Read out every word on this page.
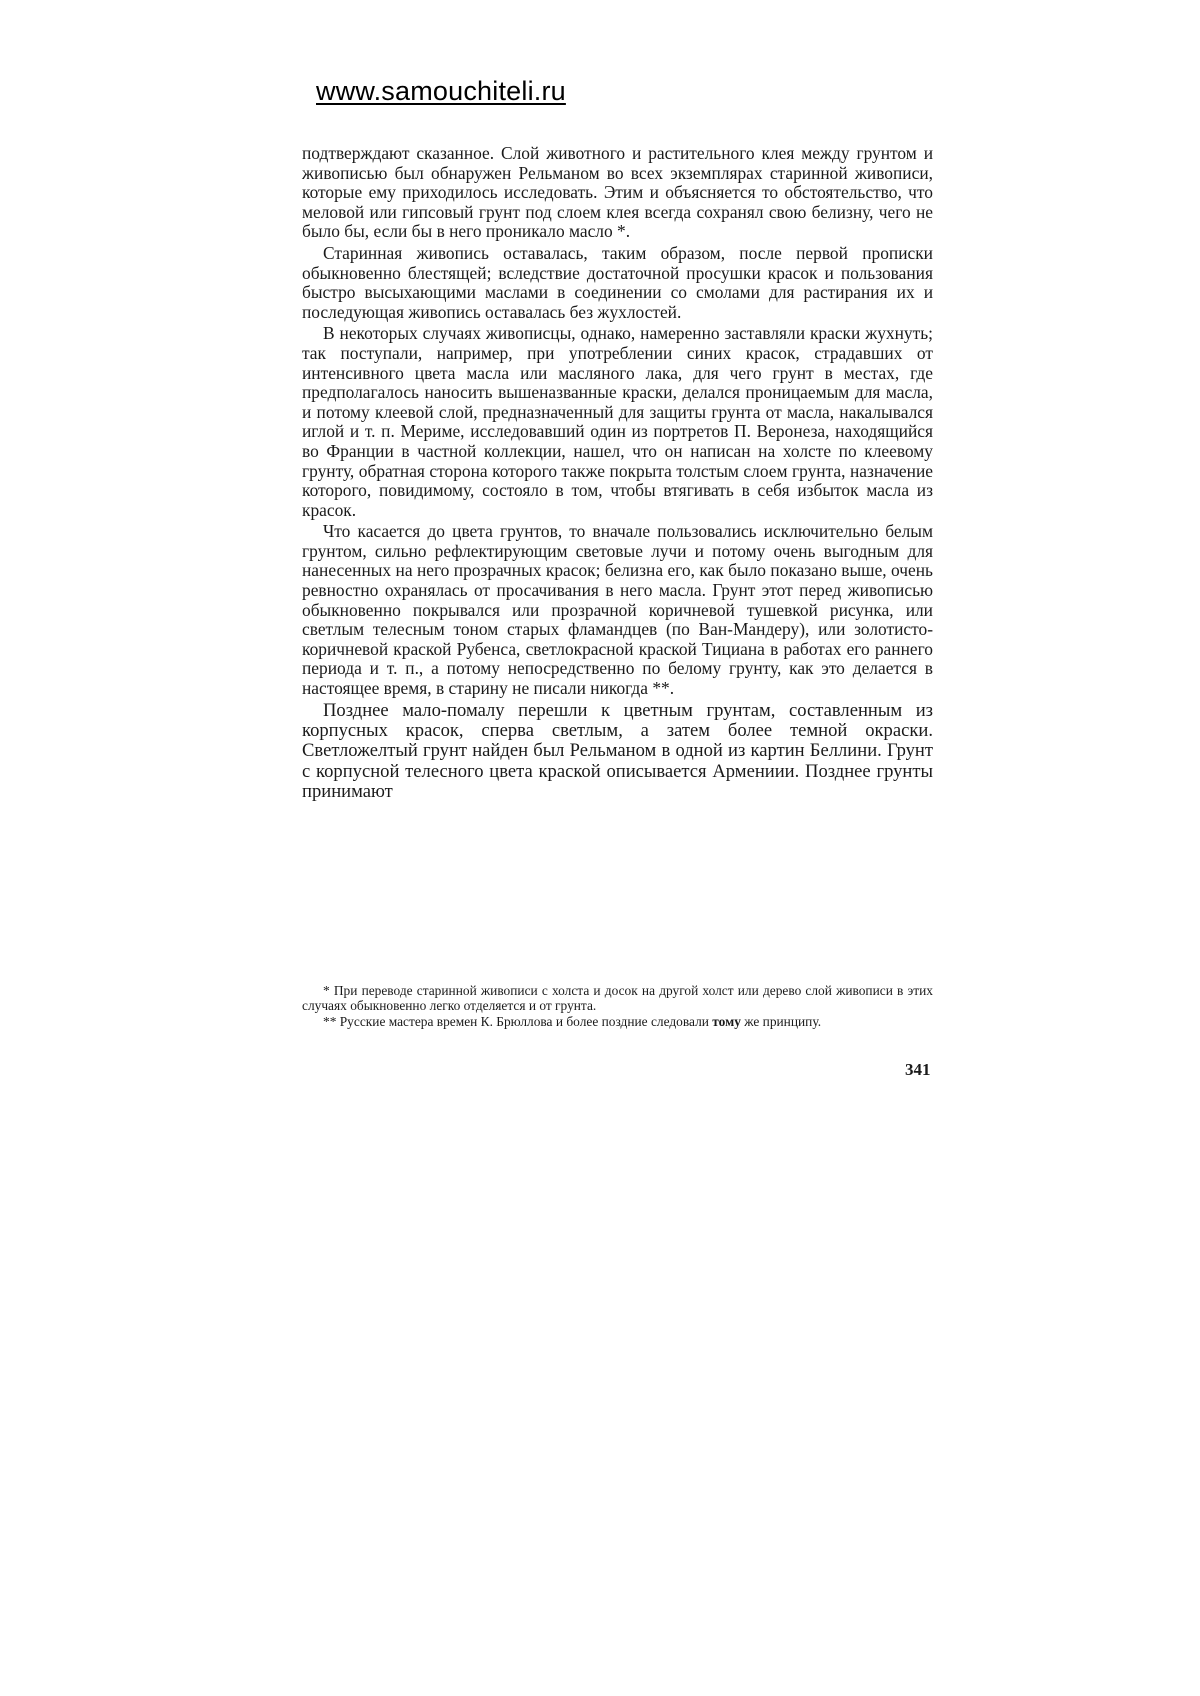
www.samouchiteli.ru

подтверждают сказанное. Слой животного и растительного клея между грунтом и живописью был обнаружен Рельманом во всех экземплярах старинной живописи, которые ему приходилось исследовать. Этим и объясняется то обстоятельство, что меловой или гипсовый грунт под слоем клея всегда сохранял свою белизну, чего не было бы, если бы в него проникало масло *.

Старинная живопись оставалась, таким образом, после первой прописки обыкновенно блестящей; вследствие достаточной просушки красок и пользования быстро высыхающими маслами в соединении со смолами для растирания их и последующая живопись оставалась без жухлостей.

В некоторых случаях живописцы, однако, намеренно заставляли краски жухнуть; так поступали, например, при употреблении синих красок, страдавших от интенсивного цвета масла или масляного лака, для чего грунт в местах, где предполагалось наносить вышеназванные краски, делался проницаемым для масла, и потому клеевой слой, предназначенный для защиты грунта от масла, накалывался иглой и т. п. Мериме, исследовавший один из портретов П. Веронеза, находящийся во Франции в частной коллекции, нашел, что он написан на холсте по клеевому грунту, обратная сторона которого также покрыта толстым слоем грунта, назначение которого, повидимому, состояло в том, чтобы втягивать в себя избыток масла из красок.

Что касается до цвета грунтов, то вначале пользовались исключительно белым грунтом, сильно рефлектирующим световые лучи и потому очень выгодным для нанесенных на него прозрачных красок; белизна его, как было показано выше, очень ревностно охранялась от просачивания в него масла. Грунт этот перед живописью обыкновенно покрывался или прозрачной коричневой тушевкой рисунка, или светлым телесным тоном старых фламандцев (по Ван-Мандеру), или золотисто-коричневой краской Рубенса, светлокрасной краской Тициана в работах его раннего периода и т. п., а потому непосредственно по белому грунту, как это делается в настоящее время, в старину не писали никогда **.

Позднее мало-помалу перешли к цветным грунтам, составленным из корпусных красок, сперва светлым, а затем более темной окраски. Светложелтый грунт найден был Рельманом в одной из картин Беллини. Грунт с корпусной телесного цвета краской описывается Армениии. Позднее грунты принимают

* При переводе старинной живописи с холста и досок на другой холст или дерево слой живописи в этих случаях обыкновенно легко отделяется и от грунта.

** Русские мастера времен К. Брюллова и более поздние следовали тому же принципу.

341
